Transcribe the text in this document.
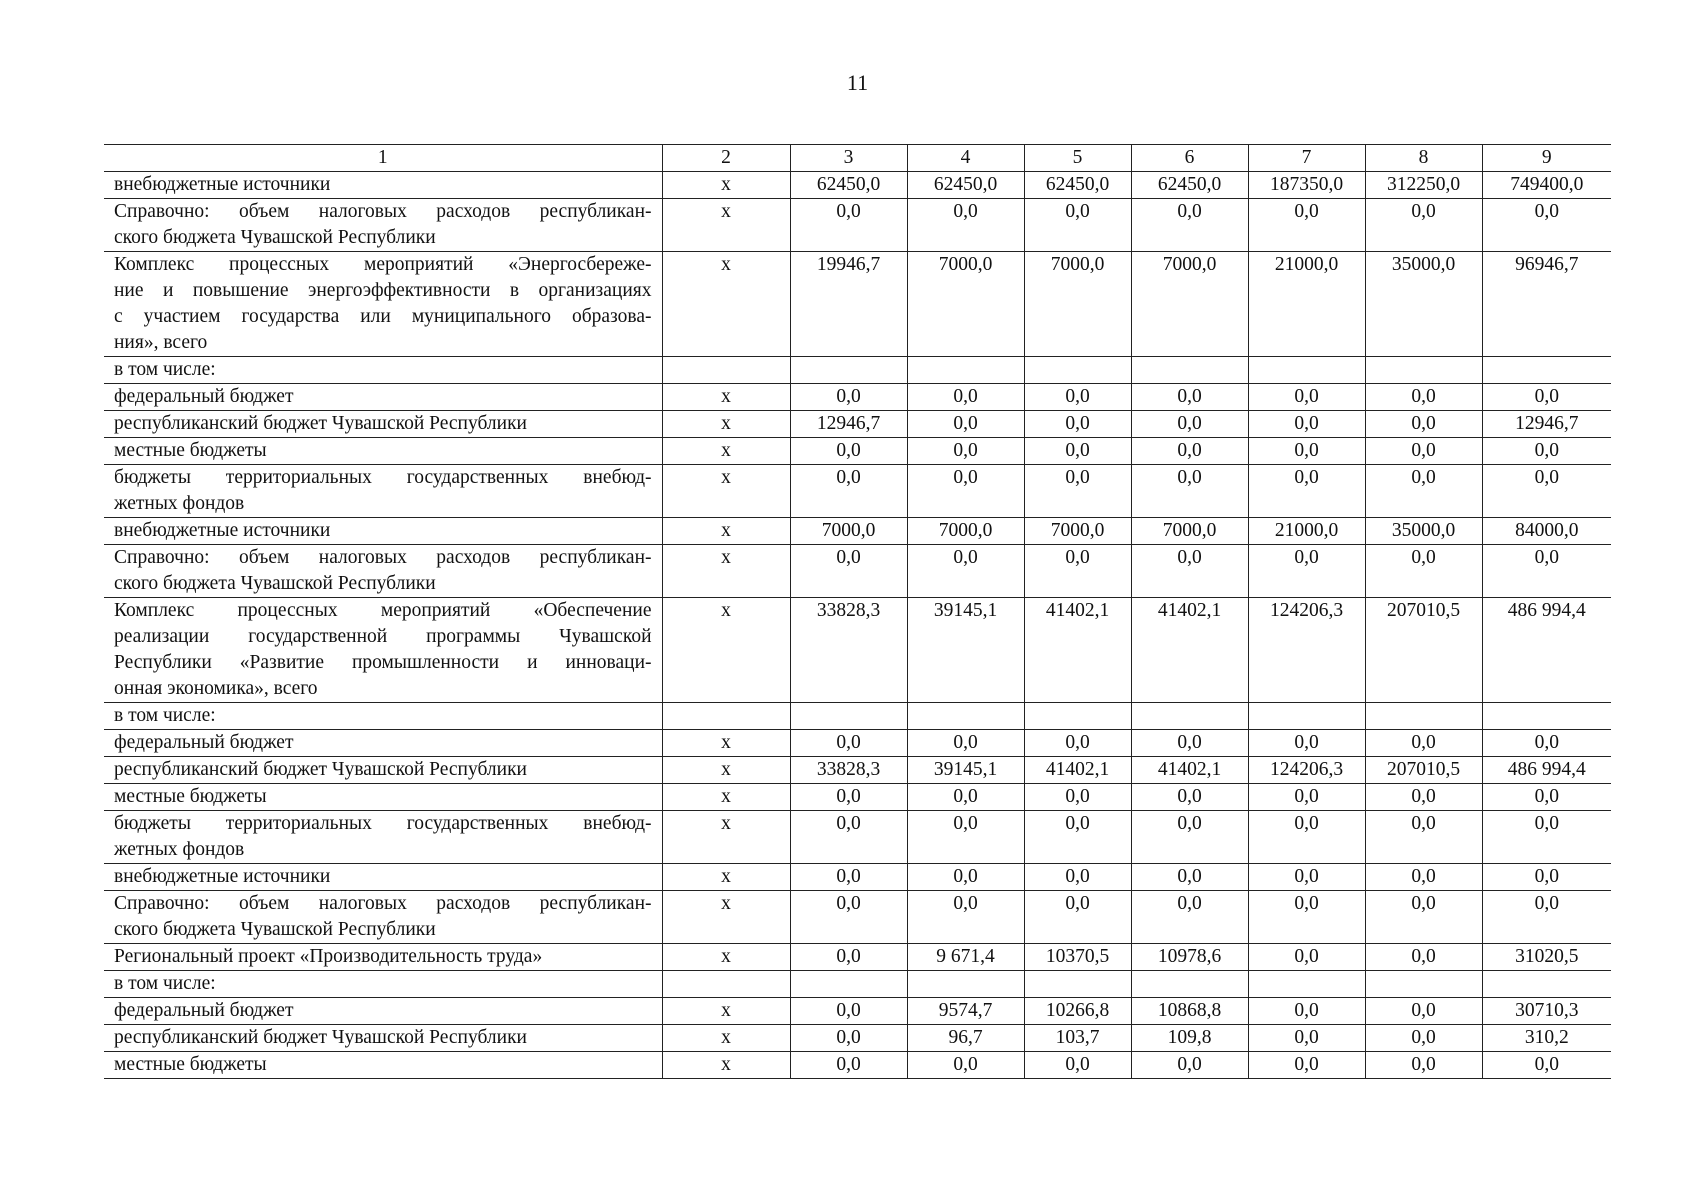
11
1	2	3	4	5	6	7	8	9

внебюджетные источники	х	62450,0	62450,0	62450,0	62450,0	187350,0	312250,0	749400,0

Справочно: объем налоговых расходов республикан-
ского бюджета Чувашской Республики	х	0,0	0,0	0,0	0,0	0,0	0,0	0,0

Комплекс процессных мероприятий «Энергосбереже-
ние и повышение энергоэффективности в организациях
с участием государства или муниципального образова-
ния», всего	х	19946,7	7000,0	7000,0	7000,0	21000,0	35000,0	96946,7

в том числе:								

федеральный бюджет	х	0,0	0,0	0,0	0,0	0,0	0,0	0,0

республиканский бюджет Чувашской Республики	х	12946,7	0,0	0,0	0,0	0,0	0,0	12946,7

местные бюджеты	х	0,0	0,0	0,0	0,0	0,0	0,0	0,0

бюджеты территориальных государственных внебюд-
жетных фондов	х	0,0	0,0	0,0	0,0	0,0	0,0	0,0

внебюджетные источники	х	7000,0	7000,0	7000,0	7000,0	21000,0	35000,0	84000,0

Справочно: объем налоговых расходов республикан-
ского бюджета Чувашской Республики	х	0,0	0,0	0,0	0,0	0,0	0,0	0,0

Комплекс процессных мероприятий «Обеспечение
реализации государственной программы Чувашской
Республики «Развитие промышленности и инноваци-
онная экономика», всего	х	33828,3	39145,1	41402,1	41402,1	124206,3	207010,5	486 994,4

в том числе:								

федеральный бюджет	х	0,0	0,0	0,0	0,0	0,0	0,0	0,0

республиканский бюджет Чувашской Республики	х	33828,3	39145,1	41402,1	41402,1	124206,3	207010,5	486 994,4

местные бюджеты	х	0,0	0,0	0,0	0,0	0,0	0,0	0,0

бюджеты территориальных государственных внебюд-
жетных фондов	х	0,0	0,0	0,0	0,0	0,0	0,0	0,0

внебюджетные источники	х	0,0	0,0	0,0	0,0	0,0	0,0	0,0

Справочно: объем налоговых расходов республикан-
ского бюджета Чувашской Республики	х	0,0	0,0	0,0	0,0	0,0	0,0	0,0

Региональный проект «Производительность труда»	х	0,0	9 671,4	10370,5	10978,6	0,0	0,0	31020,5

в том числе:								

федеральный бюджет	х	0,0	9574,7	10266,8	10868,8	0,0	0,0	30710,3

республиканский бюджет Чувашской Республики	х	0,0	96,7	103,7	109,8	0,0	0,0	310,2

местные бюджеты	х	0,0	0,0	0,0	0,0	0,0	0,0	0,0
